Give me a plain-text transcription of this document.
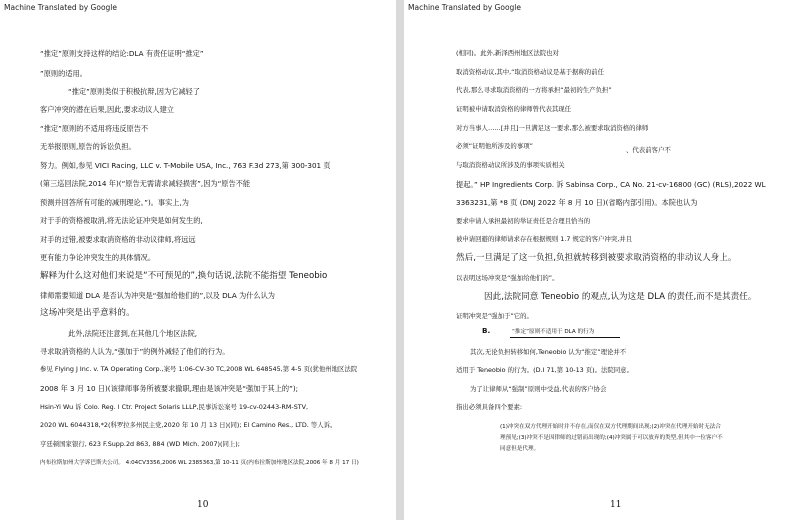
Machine Translated by Google
“推定”原则支持这样的结论:DLA 有责任证明“推定”
”原则的适用。
“推定”原则类似于积极抗辩,因为它减轻了
客户冲突的潜在后果,因此,要求动议人建立
“推定”原则的不适用将违反原告不
无举报原则,原告的诉讼负担。
努力。例如,参见 VICI Racing, LLC v. T-Mobile USA, Inc., 763 F.3d 273,第 300-301 页
(第三巡回法院,2014 年)(“原告无需请求减轻损害”,因为“原告不能
预测并回答所有可能的减刑理论。”)。事实上,为
对于手的资格被取消,将无法论证冲突是如何发生的,
对手的过错,被要求取消资格的非动议律师,将远远
更有能力争论冲突发生的具体情况。
解释为什么这对他们来说是“不可预见的”,换句话说,法院不能指望 Teneobio
律师需要知道 DLA 是否认为冲突是“强加给他们的”,以及 DLA 为什么认为
这场冲突是出乎意料的。
此外,法院还注意到,在其他几个地区法院,
寻求取消资格的人认为,“强加于”的例外减轻了他们的行为。
参见 Flying J Inc. v. TA Operating Corp.,案号 1:06-CV-30 TC,2008 WL 648545,第 4-5 页(犹他州地区法院
2008 年 3 月 10 日)(该律师事务所被要求撤职,理由是该冲突是“强加于其上的”);
Hsin-Yi Wu 诉 Colo. Reg. l Ctr. Project Solaris LLLP,民事诉讼案号 19-cv-02443-RM-STV,
2020 WL 6044318,*2(科罗拉多州民主党,2020 年 10 月 13 日)(同); El Camino Res., LTD. 等人诉。
亨廷顿国家银行, 623 F.Supp.2d 863, 884 (WD Mich. 2007)(同上);
内布拉斯加州大学诉巴斯夫公司。 4:04CV3356,2006 WL 2385363,第 10-11 页(内布拉斯加州地区法院,2006 年 8 月 17 日)
10
Machine Translated by Google
(相同)。此外,新泽西州地区法院也对
取消资格动议,其中,“取消资格动议是基于据称的前任
代表,那么寻求取消资格的一方将承担“最初的生产负担”
证明被申请取消资格的律师曾代表其现任
对方当事人……[并且]一旦满足这一要求,那么被要求取消资格的律师
必须“证明他所涉及的事项”	、代表前客户不
与取消资格动议所涉及的事项实质相关
提起。” HP Ingredients Corp. 诉 Sabinsa Corp., CA No. 21-cv-16800 (GC) (RLS),2022 WL
3363231,第 *8 页 (DNJ 2022 年 8 月 10 日)(省略内部引用)。本院也认为
要求申请人承担最初的举证责任是合理且恰当的
被申请回避的律师请求存在根据规则 1.7 规定的客户冲突,并且
然后,一旦满足了这一负担,负担就转移到被要求取消资格的非动议人身上。
以表明这场冲突是“强加给他们的”。
因此,法院同意 Teneobio 的观点,认为这是 DLA 的责任,而不是其责任。
证明冲突是“强加于”它的。
B.	“推定”原则不适用于 DLA 的行为
其次,无论负担转移如何,Teneobio 认为“推定”理论并不
适用于 Teneobio 的行为。(D.I 71,第 10-13 页)。法院同意。
为了让律师从“强制”原则中受益,代表的客户协会
指出必须具备四个要素:
(1)冲突在双方代理开始时并不存在,而仅在双方代理期间出现;(2)冲突在代理开始时无法合
理预见;(3)冲突不是因律师的过错而出现的;(4)冲突属于可以放弃的类型,但其中一位客户不
同意但是代理。
11
